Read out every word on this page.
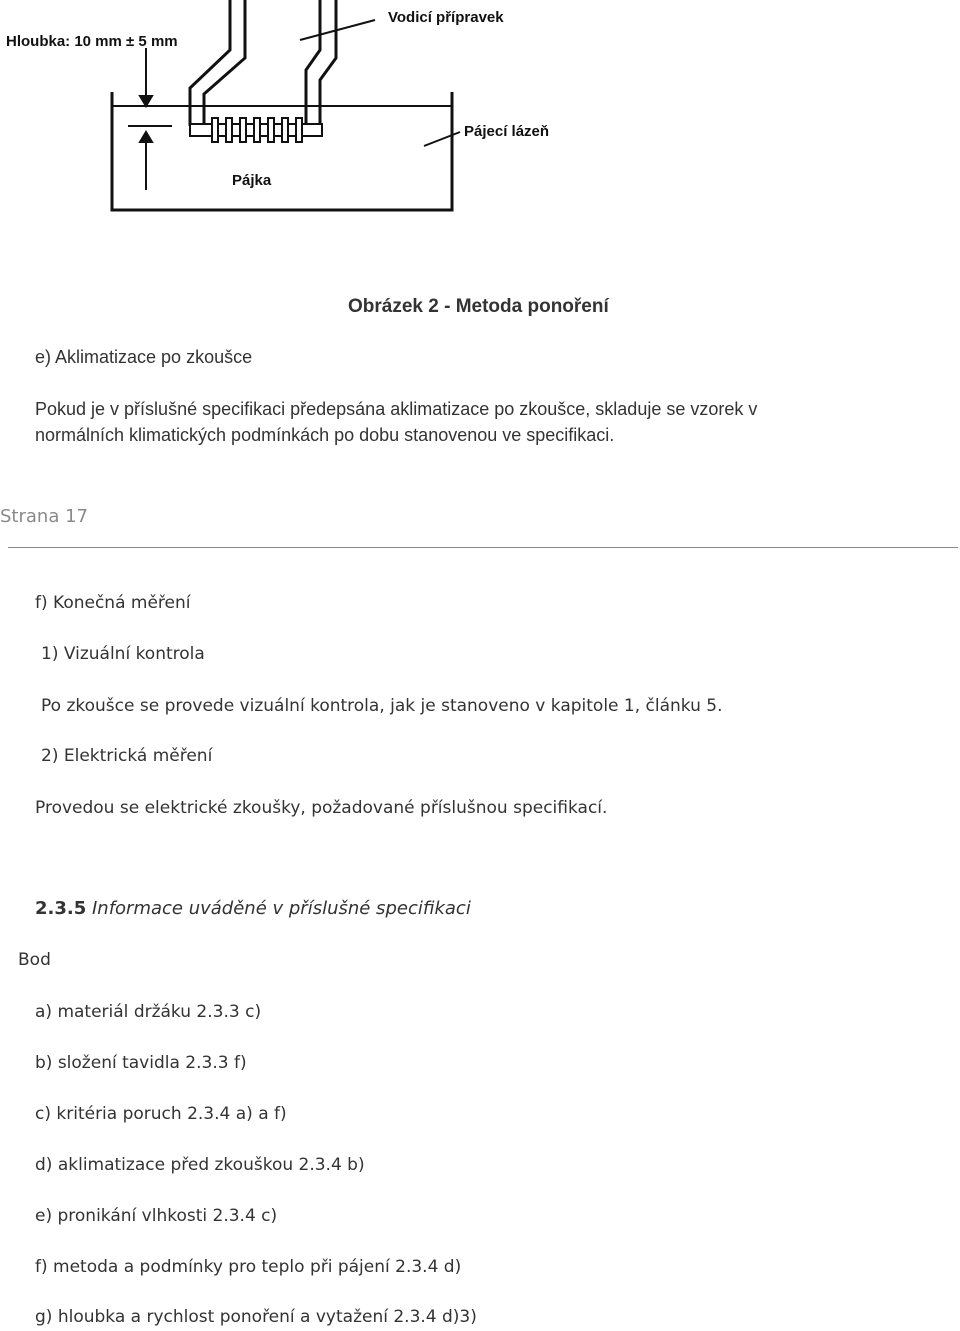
Hloubka: 10 mm ± 5 mm
Vodicí přípravek
Pájecí lázeň
Pájka
Obrázek 2 - Metoda ponoření
e) Aklimatizace po zkoušce
Pokud je v příslušné specifikaci předepsána aklimatizace po zkoušce, skladuje se vzorek v
normálních klimatických podmínkách po dobu stanovenou ve specifikaci.
Strana 17
f) Konečná měření
1) Vizuální kontrola
Po zkoušce se provede vizuální kontrola, jak je stanoveno v kapitole 1, článku 5.
2) Elektrická měření
Provedou se elektrické zkoušky, požadované příslušnou specifikací.
2.3.5 Informace uváděné v příslušné specifikaci
Bod
a) materiál držáku 2.3.3 c)
b) složení tavidla 2.3.3 f)
c) kritéria poruch 2.3.4 a) a f)
d) aklimatizace před zkouškou 2.3.4 b)
e) pronikání vlhkosti 2.3.4 c)
f) metoda a podmínky pro teplo při pájení 2.3.4 d)
g) hloubka a rychlost ponoření a vytažení 2.3.4 d)3)
